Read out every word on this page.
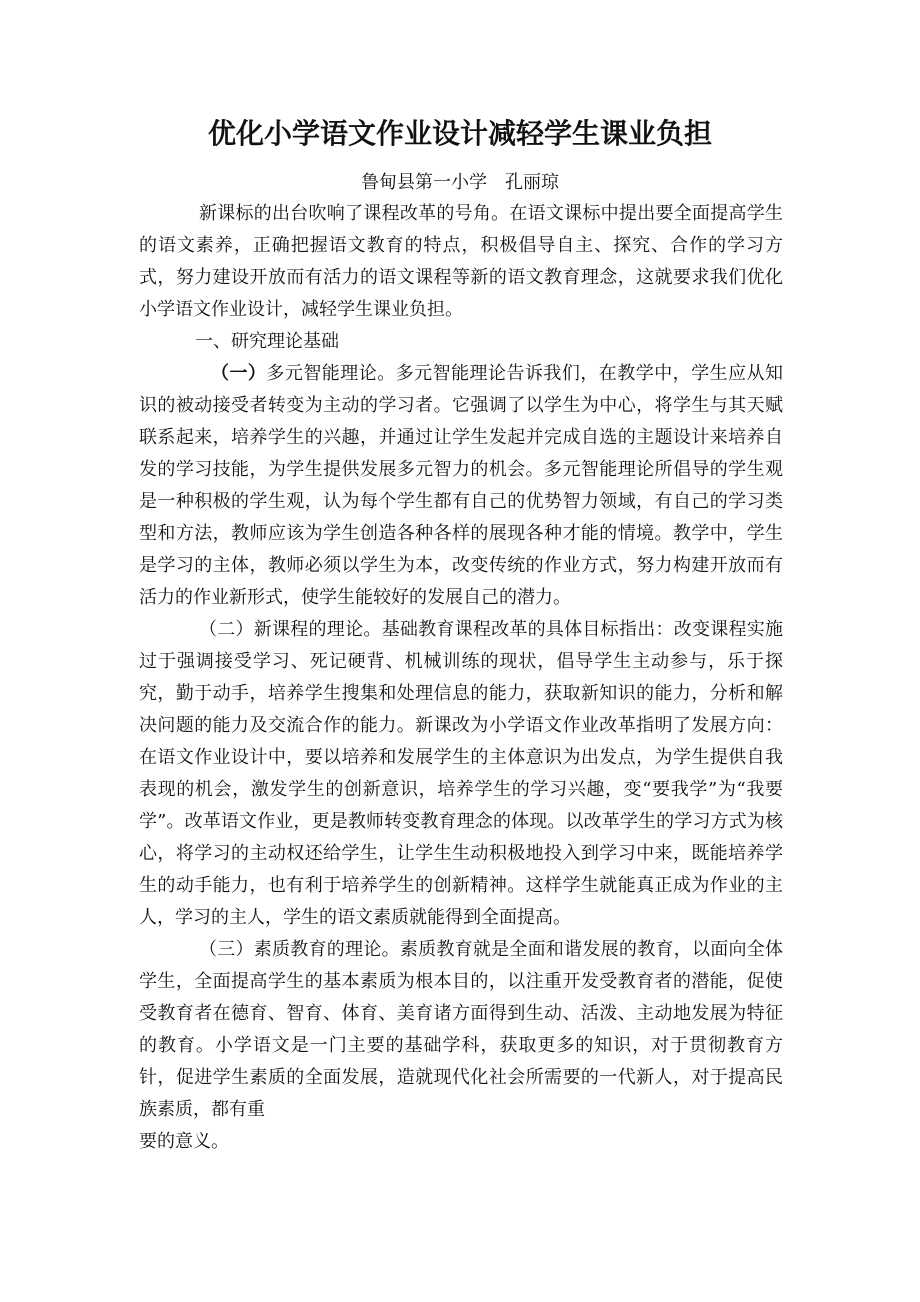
优化小学语文作业设计减轻学生课业负担

鲁甸县第一小学　孔丽琼

新课标的出台吹响了课程改革的号角。在语文课标中提出要全面提高学生的语文素养，正确把握语文教育的特点，积极倡导自主、探究、合作的学习方式，努力建设开放而有活力的语文课程等新的语文教育理念，这就要求我们优化小学语文作业设计，减轻学生课业负担。

一、研究理论基础

（一）多元智能理论。多元智能理论告诉我们，在教学中，学生应从知识的被动接受者转变为主动的学习者。它强调了以学生为中心，将学生与其天赋联系起来，培养学生的兴趣，并通过让学生发起并完成自选的主题设计来培养自发的学习技能，为学生提供发展多元智力的机会。多元智能理论所倡导的学生观是一种积极的学生观，认为每个学生都有自己的优势智力领域，有自己的学习类型和方法，教师应该为学生创造各种各样的展现各种才能的情境。教学中，学生是学习的主体，教师必须以学生为本，改变传统的作业方式，努力构建开放而有活力的作业新形式，使学生能较好的发展自己的潜力。

（二）新课程的理论。基础教育课程改革的具体目标指出：改变课程实施过于强调接受学习、死记硬背、机械训练的现状，倡导学生主动参与，乐于探究，勤于动手，培养学生搜集和处理信息的能力，获取新知识的能力，分析和解决问题的能力及交流合作的能力。新课改为小学语文作业改革指明了发展方向：在语文作业设计中，要以培养和发展学生的主体意识为出发点，为学生提供自我表现的机会，激发学生的创新意识，培养学生的学习兴趣，变“要我学”为“我要学”。改革语文作业，更是教师转变教育理念的体现。以改革学生的学习方式为核心，将学习的主动权还给学生，让学生生动积极地投入到学习中来，既能培养学生的动手能力，也有利于培养学生的创新精神。这样学生就能真正成为作业的主人，学习的主人，学生的语文素质就能得到全面提高。

（三）素质教育的理论。素质教育就是全面和谐发展的教育，以面向全体学生，全面提高学生的基本素质为根本目的，以注重开发受教育者的潜能，促使受教育者在德育、智育、体育、美育诸方面得到生动、活泼、主动地发展为特征的教育。小学语文是一门主要的基础学科，获取更多的知识，对于贯彻教育方针，促进学生素质的全面发展，造就现代化社会所需要的一代新人，对于提高民族素质，都有重

要的意义。
